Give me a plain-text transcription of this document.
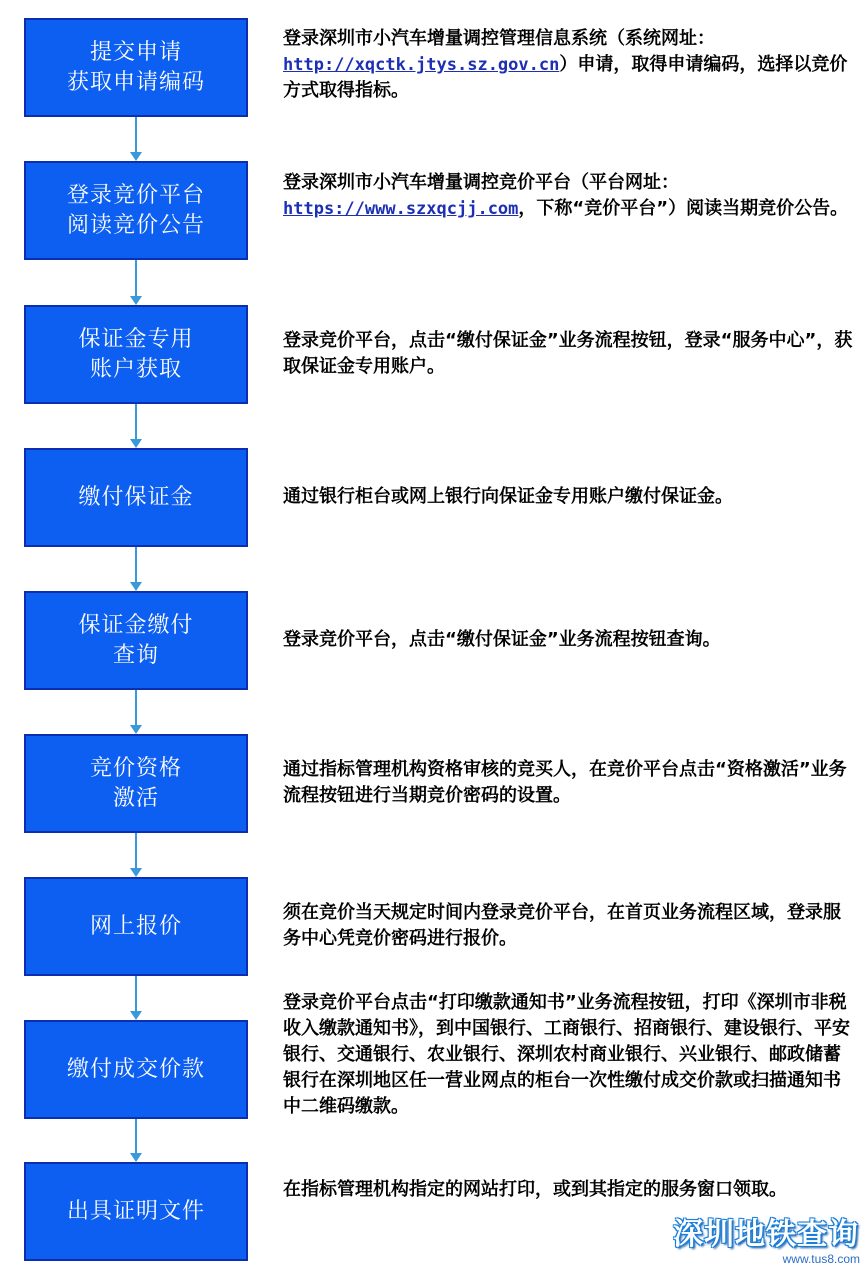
提交申请
获取申请编码
登录竞价平台
阅读竞价公告
保证金专用
账户获取
缴付保证金
保证金缴付
查询
竞价资格
激活
网上报价
缴付成交价款
出具证明文件
登录深圳市小汽车增量调控管理信息系统（系统网址：http://xqctk.jtys.sz.gov.cn）申请，取得申请编码，选择以竞价方式取得指标。
登录深圳市小汽车增量调控竞价平台（平台网址：https://www.szxqcjj.com，下称“竞价平台”）阅读当期竞价公告。
登录竞价平台，点击“缴付保证金”业务流程按钮，登录“服务中心”，获取保证金专用账户。
通过银行柜台或网上银行向保证金专用账户缴付保证金。
登录竞价平台，点击“缴付保证金”业务流程按钮查询。
通过指标管理机构资格审核的竞买人，在竞价平台点击“资格激活”业务流程按钮进行当期竞价密码的设置。
须在竞价当天规定时间内登录竞价平台，在首页业务流程区域，登录服务中心凭竞价密码进行报价。
登录竞价平台点击“打印缴款通知书”业务流程按钮，打印《深圳市非税收入缴款通知书》，到中国银行、工商银行、招商银行、建设银行、平安银行、交通银行、农业银行、深圳农村商业银行、兴业银行、邮政储蓄银行在深圳地区任一营业网点的柜台一次性缴付成交价款或扫描通知书中二维码缴款。
在指标管理机构指定的网站打印，或到其指定的服务窗口领取。
深圳地铁查询
www.tus8.com
